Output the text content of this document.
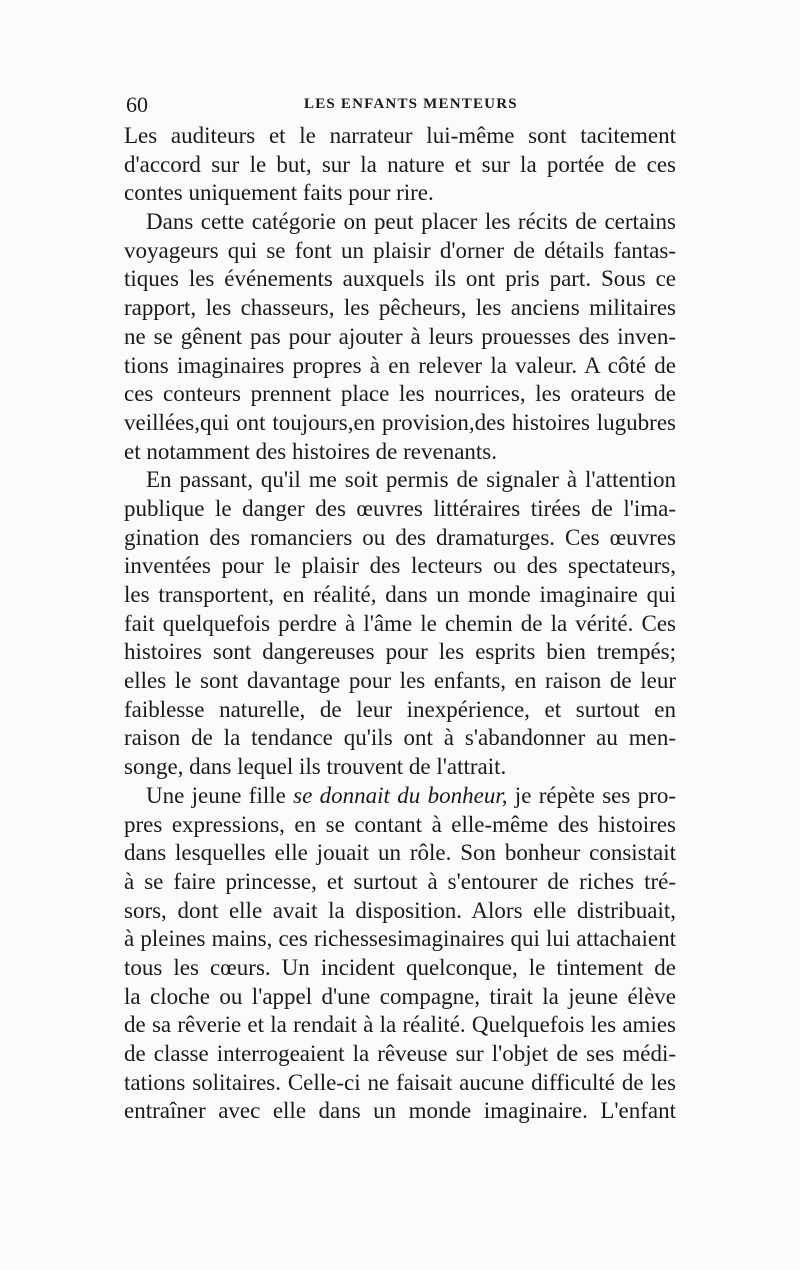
60	LES ENFANTS MENTEURS
Les auditeurs et le narrateur lui-même sont tacitement
d'accord sur le but, sur la nature et sur la portée de ces
contes uniquement faits pour rire.
Dans cette catégorie on peut placer les récits de certains
voyageurs qui se font un plaisir d'orner de détails fantas-
tiques les événements auxquels ils ont pris part. Sous ce
rapport, les chasseurs, les pêcheurs, les anciens militaires
ne se gênent pas pour ajouter à leurs prouesses des inven-
tions imaginaires propres à en relever la valeur. A côté de
ces conteurs prennent place les nourrices, les orateurs de
veillées,qui ont toujours,en provision,des histoires lugubres
et notamment des histoires de revenants.
En passant, qu'il me soit permis de signaler à l'attention
publique le danger des œuvres littéraires tirées de l'ima-
gination des romanciers ou des dramaturges. Ces œuvres
inventées pour le plaisir des lecteurs ou des spectateurs,
les transportent, en réalité, dans un monde imaginaire qui
fait quelquefois perdre à l'âme le chemin de la vérité. Ces
histoires sont dangereuses pour les esprits bien trempés;
elles le sont davantage pour les enfants, en raison de leur
faiblesse naturelle, de leur inexpérience, et surtout en
raison de la tendance qu'ils ont à s'abandonner au men-
songe, dans lequel ils trouvent de l'attrait.
Une jeune fille se donnait du bonheur, je répète ses pro-
pres expressions, en se contant à elle-même des histoires
dans lesquelles elle jouait un rôle. Son bonheur consistait
à se faire princesse, et surtout à s'entourer de riches tré-
sors, dont elle avait la disposition. Alors elle distribuait,
à pleines mains, ces richessesimaginaires qui lui attachaient
tous les cœurs. Un incident quelconque, le tintement de
la cloche ou l'appel d'une compagne, tirait la jeune élève
de sa rêverie et la rendait à la réalité. Quelquefois les amies
de classe interrogeaient la rêveuse sur l'objet de ses médi-
tations solitaires. Celle-ci ne faisait aucune difficulté de les
entraîner avec elle dans un monde imaginaire. L'enfant
